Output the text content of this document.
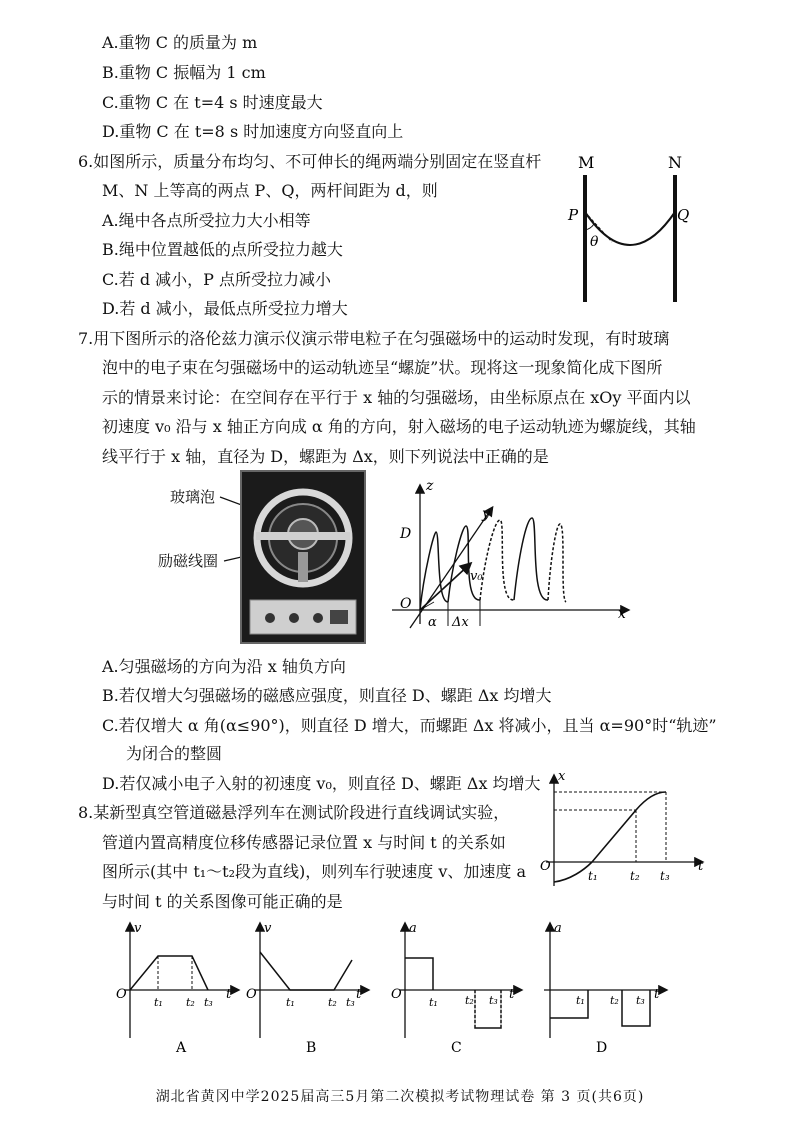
A.重物 C 的质量为 m
B.重物 C 振幅为 1 cm
C.重物 C 在 t=4 s 时速度最大
D.重物 C 在 t=8 s 时加速度方向竖直向上
6.如图所示，质量分布均匀、不可伸长的绳两端分别固定在竖直杆
M、N 上等高的两点 P、Q，两杆间距为 d，则
A.绳中各点所受拉力大小相等
B.绳中位置越低的点所受拉力越大
C.若 d 减小，P 点所受拉力减小
D.若 d 减小，最低点所受拉力增大
M	N
P	Q
θ
7.用下图所示的洛伦兹力演示仪演示带电粒子在匀强磁场中的运动时发现，有时玻璃
泡中的电子束在匀强磁场中的运动轨迹呈“螺旋”状。现将这一现象简化成下图所
示的情景来讨论：在空间存在平行于 x 轴的匀强磁场，由坐标原点在 xOy 平面内以
初速度 v₀ 沿与 x 轴正方向成 α 角的方向，射入磁场的电子运动轨迹为螺旋线，其轴
线平行于 x 轴，直径为 D，螺距为 Δx，则下列说法中正确的是
玻璃泡
励磁线圈
z
y
x
D
O
v₀
α Δx
A.匀强磁场的方向为沿 x 轴负方向
B.若仅增大匀强磁场的磁感应强度，则直径 D、螺距 Δx 均增大
C.若仅增大 α 角(α≤90°)，则直径 D 增大，而螺距 Δx 将减小，且当 α=90°时“轨迹”
为闭合的整圆
D.若仅减小电子入射的初速度 v₀，则直径 D、螺距 Δx 均增大
8.某新型真空管道磁悬浮列车在测试阶段进行直线调试实验，
管道内置高精度位移传感器记录位置 x 与时间 t 的关系如
图所示(其中 t₁～t₂段为直线)，则列车行驶速度 v、加速度 a
与时间 t 的关系图像可能正确的是
x
t
O
t₁	t₂ t₃
v
t
O
t₁ t₂ t₃
A
v
t
O
t₁	t₂ t₃
B
a
t
O
t₁ t₂ t₃
C
a
t
t₁ t₂ t₃
D
湖北省黄冈中学2025届高三5月第二次模拟考试物理试卷 第 3 页(共6页)
